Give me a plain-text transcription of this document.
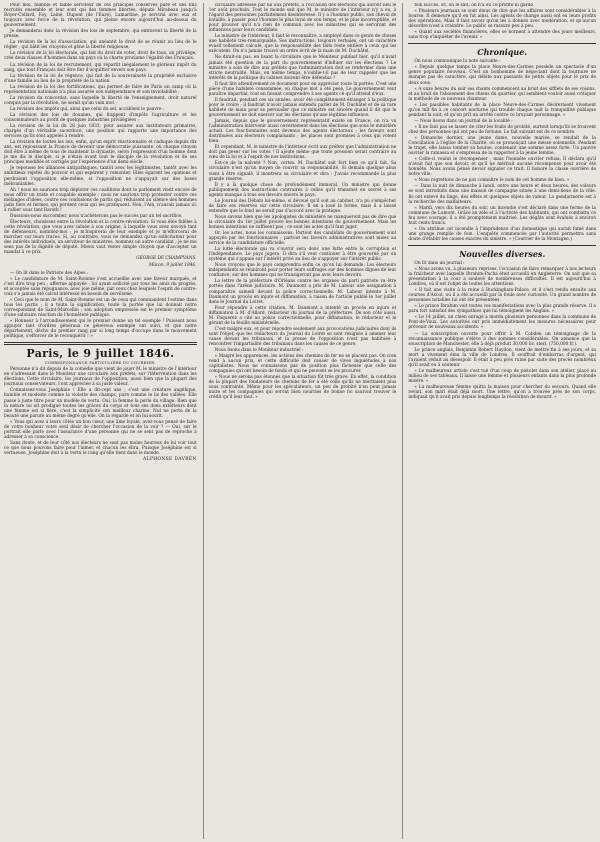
Pour moi, humble et faible serviteur de ces principes conservés pure et des fins recrutés ensemble et leur sont qui des femmes libertés, député Mirabeau jusqu'à Royer-Collard, Foy, Lainé, Dupont (de l'Eure), Lamartine, je servirai avec eux et toujours avec force de la révolution, qui pleine encore aujourd'hui au-dessus du gouvernement.

Je demanderai donc la révision des lois de septembre, qui entravent la liberté de la presse.

La révision de la loi d'association, qui anéantit le droit de se réunir au lieu de le régler ; qui bâtit les citoyens et gêne la liberté religieuse.

La révision de la loi électorale, qui fait du droit de voter, droit de tous, un privilège, créé deux classes d'hommes dans un pays où la charte proclame l'égalité des Français.

La révision de la loi de recrutement, qui répartit inégalement le glorieux impôt du sang, que tout Français doit être fier d'acquitter envers son pays.

La révision de la loi de régence, qui fait de la souveraineté la propriété exclusive d'une famille au lieu de la propriété de la nation.

La révision de la loi des fortifications, qui permet de faire de Paris un camp où la représentation nationale n'a plus assurée son indépendance et son inviolabilité ;

La révision du concordat, sans laquelle la liberté de l'enseignement, droit naturel conquis par la révolution, ne serait qu'un vain mot ;

La révision des impôts qui, ainsi que celui du sel, accablent le pauvre ;

La révision des lois de douanes, qui frappent d'impôts l'agriculture et les consommateurs au profit de quelques industries privilégiées ;

La révision de la loi du 28 juin 1833, pour assurer aux instituteurs primaires, chargés d'un véritable sacerdoce, une position qui rapporte une importance des services qu'ils sont appelés à rendre.

La révision de toutes les lois, enfin, qu'un esprit réactionnaire et caduque depuis dix ans, est repoussant la France de devenir une démocratie puissante, où chaque citoyen doit être à même de tous de maintenir la dynastie, selon l'expression d'un homme dont je me dis le disciple, si je n'étais avant tout le disciple de la révolution et de ses principes modifiés et corrigés par l'expérience d'un demi-siècle.

Je repousse les alliances antipathiques, tantôt avec les légitimistes, tantôt avec les ambitieux rejetés du pouvoir et qui espèrent y remonter. Elles égarent les opinions et perdraient l'opposition elle-même, si l'opposition ne s'appuyait sur des bases inébranlables.

Ah ! nous ne saurions trop déplorer ces coalitions dont le parlement vient encore de nous offrir un triste et coupable exemple ; nous ne saurions trop protester contre ces mélanges d'idées, contre ces confusions de partis qui, réduisent au silence des hommes jadis fiers et fermes, qui perdent ceux qui les pratiquent. Non, l'Ain, n'aurait jamais ici à rallier sous tant Baroth !

Dussions-nous succomber, nous n'achèterons pas le succès par un tel sacrifice.

Électeurs, choisissez entre la révolution et la contre-révolution. Si vous êtes fidèles à cette révolution, que vous avez saluée à son origine, à laquelle vous avez envoyé tant de défenseurs, nommez-moi ; je m'inspirerai de leur exemple et je m'efforcerai de marcher sur leurs traces. Si, au contraire, vous ne demandez qu'un sollicitateur pour des intérêts individuels, un serviteur de ministres, nommez un autre candidat ; je ne me sens pas de la dignité de député. Mieux vaut rester simple citoyen que d'accepter un mandat à ce prix.

GEORGE DE CHAMPVANS.
Mâcon, 9 juillet 1846.

— On lit dans le Patriote des Alpes :

« Le candidature de M. Saint-Romme s'est accueillie avec une faveur marquée, et c'est dire trop peu ; afferme appuyée ; lui ayant sollicité par tous les amis du progrès, et acceptée sans répugnance, avec joie même, par ceux chez lesquels l'esprit de contre-voix s'a jamais été calcul intéressé en besoin de servilisme.

« Ceci que le nom de M. Saint-Romme est un de ceux qui commandent l'estime dans tous les partis ; il a toute la signification, toute la portée que lui donnait notre correspondant de Saint-Marcellin ; son adoption empressée est le premier symptôme d'une salutaire réaction de l'honnêteté publique.

« Honneur à l'arrondissement qui le premier donne un tel exemple ! Puissent nous appuyer tant d'ordres généraux ce généreux exemple ont suivi, et que notre département, déchu du premier rang par si long temps d'occupe dans le mouvement politique, s'efforcer de le reconquérir ! »

Paris, le 9 juillet 1846.
CORRESPONDANCE PARTICULIÈRE DU COURRIER.

Personne n'a dit depuis de la comédie que vient de jouer M. le ministre de l'intérieur en s'adressant dans le Moniteur une circulaire aux préfets, sur l'intervention dans les élections. Cette circulaire, les journaux de l'opposition, aussi bien que la plupart des journaux conservateurs, l'ont appréciée à sa juste valeur.

Connaissez-vous Joséphine ! Elle a dit-cept ans ; c'est une créature angélique, humble et modeste comme la violette des champs, pure comme le lis des vallées. Elle passe à juste titre pour un modèle de vertu. Oui, la femme la perle du village. Bien que la nature lui ait prodigué toutes les grâces du corps et tous ses dons extérieurs dont une femme est si fière, c'est la simplicité son meilleur charme. Nul ne porte de la beauté une parure au même degré qu'elle. On la regarde et on lui sourit.

« Vous qui avez à leurs côtés un bon cœur, une âme loyale, avez-vous pensé de faire de votre bonheur votre seul désir de chercher l'occasion de la voir ? — Oui, sur le portrait elle parle avec l'assurance d'une personne qui ne se sent pas de reproche à adresser à sa conscience.

Sans doute, et de leur côté nos électeurs ne sont pas moins heureux de lui voir tout ce que nous pouvons faire pour l'aimer, et chacun les élira. Puisque Joséphine est si vertueuse, Joséphine doit à la vertu le rang qu'elle tient dans le monde.

ALPHONSE DAVRÉN

circulaire adressée par lui aux préfets, à l'occasion des élections qui auront lieu le 1er août prochain. Tout le monde sait que M. le ministre de l'intérieur n'y a eu, à l'égard des personnes parfaitement desinteressé. Il y a l'homme public, son cheval de bataille, à passer pour l'homme le plus loyal de son temps, et le plus incorruptible, et pour prouver qu'il n'a rien de commun avec les ministres qui se serviront des influences pour leurs candidats.

Le ministre de l'intérieur, il faut le reconnaître, a employé dans ce genre de choses une habileté très-remarquable. Ses instructions, toujours verbales, ont un caractère évasif tellement calculé, que la responsabilité des faits reste entière à ceux qui les exécutent. On n'a jamais trouvé un ordre écrit de la main de M. Duchâtel.

Ne dirait-on pas, en lisant la circulaire que le Moniteur publiait hier, qu'il n'avait jamais été question de la part du gouvernement d'influer sur les élections ? Le ministre a soin de dire aux préfets que l'administration doit se renfermer dans une stricte neutralité. Mais, en même temps, n'oublie-t-il pas de leur rappeler que les intérêts de la politique du cabinet doivent être défendus ?

Il faut lire attentivement ce document pour en apprécier toute la portée. C'est une pièce d'une habileté consommée, où chaque mot a été pesé. Le gouvernement veut paraître impartial, tout en faisant comprendre à ses agents ce qu'il attend d'eux.

Il faudrait, pendant ces six années, avoir été complètement étranger à la politique pour le croire ; il faudrait n'avoir jamais entendu parler de M. Duchâtel et de sa rare habileté de main pour se persuader que ce ministre est sincère quand il dit que le gouvernement ne doit exercer sur les élections qu'une légitime influence.

Jamais, depuis que le gouvernement représentatif existe en France, on n'a vu l'administration intervenir aussi ouvertement dans les élections que sous le ministère actuel. Les fonctionnaires sont devenus des agents électoraux ; les faveurs sont distribuées aux électeurs complaisants ; les places sont promises à ceux qui votent bien.

Et cependant, M. le ministre de l'intérieur écrit aux préfets que l'administration ne doit pas peser sur les votes ! Il ajoute même que toute pression serait contraire au vœu de la loi et à l'esprit de nos institutions.

Est-ce de la naïveté ? Non, certes. M. Duchâtel sait fort bien ce qu'il fait. Sa circulaire n'est qu'un moyen de couvrir sa responsabilité. Si demain quelque abus vient à être signalé, il montrera sa circulaire et dira : J'avais recommandé la plus grande réserve.

Il y a là quelque chose de profondément immoral. Un ministre qui donne publiquement des instructions contraires à celles qu'il transmet en secret à ses agents manque à tous ses devoirs envers le pays.

Le Journal des Débats lui-même, si dévoué qu'il soit au cabinet, n'a pu s'empêcher de faire ses réserves sur cette circulaire. Il en a loué la forme, mais il a laissé entendre que le fond ne serait pas d'accord avec la pratique.

Nous savons bien que les apologistes du ministère ne manqueront pas de dire que la circulaire du 1er juillet prouve les bonnes intentions du gouvernement. Mais les bonnes intentions ne suffisent pas ; ce sont les actes qu'il faut juger.

Or, les actes, nous les connaissons. Partout des candidats du gouvernement sont appuyés par les fonctionnaires ; partout les faveurs administratives sont mises au service de la candidature officielle.

La lutte électorale qui va s'ouvrir sera donc une lutte entre la corruption et l'indépendance. Le pays jugera. Il dira s'il veut continuer à être gouverné par un système qui s'appuie sur l'intérêt privé au lieu de s'appuyer sur l'intérêt public.

Nous croyons que le pays comprendra enfin ce qu'on lui demande. Les électeurs indépendants se réuniront pour porter leurs suffrages sur des hommes dignes de leur confiance, sur des hommes qui ne transigeront pas avec leurs devoirs.

La lettre de la préfecture d'Orléans contre les organes du parti patriote va être portée dans l'arène judiciaire. M. Daumont a pris de M. Labour une assignation à comparaître samedi devant la police correctionnelle. M. Labour intente à M. Daumont un procès en injure et diffamation, à raison de l'article publié le 1er juillet dans le Journal du Loiret.

Pour répondre à cette citation, M. Daumont a intenté un procès en injure et diffamation à M. d'Allard, rédacteur du journal de la préfecture. De son côté aussi, M. Paquerez a cité au police correctionnelle, pour diffamation, le rédacteur et le gérant de la feuille ministérielle.

C'est malgré eux, et pour répondre seulement aux provocations judiciaires dont ils sont l'objet, que les rédacteurs du Journal du Loiret se sont résignés à amener leur cause devant les tribunaux, et la presse de l'opposition n'est pas habituée à rencontrer l'impartialité des tribunaux dans les causes de ce genre.

Nous lisons dans le Moniteur industriel :

« Malgré les apparences, les actions des chemins de fer ne se placent pas. On n'en vend à aucun prix, et cette difficulté doit causer de vives inquiétudes à nos capitalistes. Nous ne connaissons pas de position plus fâcheuse que celle des compagnies qui ont besoin de fonds et qui ne peuvent se les procurer.

« Nous ne serons pas étonnés que la situation fût très grave. En effet, la condition de la plupart des fondateurs de chemins de fer a été celle qu'ils ne méritaient plus sous contrainte. Même pour les spéculateurs, un peu de probité n'en peut jamais nuire et les compagnies qui seront bien nourries de bonne foi sauront trouver le crédit qu'il leur faut. »

bon succès. Et, on le sait, on n'a eu ce profité ni gardé.

« Plusieurs journaux se sont émus de dire que les affaires sont considérables à la bourse. Il demeure qu'il en fut ainsi. Les agents de change aussi ont eu leurs profits des opérations. Mais il faut savoir qu'on les a donnés avec modération, et qu'aucun désordre n'est à craindre. Le public se rassure peu à peu.

« Quant aux sociétés financières, elles se bornent à attendre des jours meilleurs, sans trop s'inquiéter de l'avenir. »

Chronique.

On nous communique la note suivante :

« Depuis quelque temps la place Neuve-des-Carmes possède un spectacle d'un genre populaire nouveau. C'est un bonhomme de négociant dont la tournure ne manque pas de caractère, qui débite aux passants de petits objets pour le prix de deux sous.

« A onze heures du soir ses chants commencent au bruit des sifflets de ses voisins, et au bruit de l'aboiement des chiens du quartier, qui semblent vouloir aussi critiquer la méthode de ce nouveau chanteur.

« Les paisibles habitants de la place Neuve-des-Carmes désireraient vivement qu'on mît fin à ce concert nocturne qui trouble chaque nuit la tranquillité publique pendant la nuit, et qu'on prît un arrêté contre ce bruyant personnage. »

— Nous lisons dans un journal de la localité :

« Il ne faut pas se lasser de citer les traits de probité, surtout lorsqu'ils se trouvent chez des personnes qui ont peu de fortune. Le fait suivant est de ce nombre.

« Dimanche dernier, une jeune dame, nouvelle mariée, se rendait de la Conciliation à l'église de la Charité, où se prononçait une messe solennelle. Pendant le trajet, elle laissa tomber sa bourse, contenant une somme assez forte. Un pauvre ouvrier la ramassa et s'empressa de la rapporter à la jeune femme.

« Celle-ci voulut le récompenser ; mais l'honnête ouvrier refusa. Il déclara qu'il n'avait fait que son devoir, et qu'il ne méritait aucune récompense pour avoir été honnête. Nous avons pensé devoir signaler ce trait. Il honore la classe ouvrière de notre ville.

« Nous regrettons de ne pas connaître le nom de cet homme de bien. »

— Dans la nuit de dimanche à lundi, entre une heure et deux heures, des voleurs se sont introduits dans une maison de campagne située à une demi-lieue de la ville. Ils ont enlevé du linge, des effets et quelques objets de valeur. La gendarmerie est à la recherche des malfaiteurs.

« Mardi, vers dix heures du soir, un incendie s'est déclaré dans une ferme de la commune de Lumont. Grâce au zèle et à l'activité des habitants, qui ont combattu ce feu avec courage, il a été promptement maîtrisé. Les dégâts sont évalués à environ huit cents francs.

« On attribue cet incendie à l'imprudence d'un domestique qui aurait fumé dans une grange remplie de foin. L'enquête commencée par l'autorité permettra sans doute d'établir les causes exactes du sinistre. » (Courrier de la Montagne.)

Nouvelles diverses.

On lit dans un journal :

« Nous avons vu, à plusieurs reprises, l'occasion de faire remarquer à nos lecteurs la fraîcheur avec laquelle Ibrahim-Pacha était accueilli en Angleterre. On sait que sa présentation à la cour a soulevé de nombreuses difficultés. Il est aujourd'hui à Londres, où il est l'objet de toutes les attentions.

« Il fait une visite à la reine à Buckingham-Palace, et il s'est rendu ensuite aux courses d'Ascot, où il a été accueilli par la foule avec curiosité. Un grand nombre de personnes notables lui ont été présentées.

« Le prince Ibrahim voit toutes ces manifestations avec la plus grande réserve. Il a paru fort satisfait des sympathies que lui témoignent les Anglais. »

« Le 14 juillet, un chien enragé a mordu plusieurs personnes dans la commune de Pont-de-Vaux. Les autorités ont pris immédiatement les mesures nécessaires pour prévenir de nouveaux accidents. »

— La souscription ouverte pour offrir à M. Cobden un témoignage de la reconnaissance publique s'élève à des sommes considérables. On annonce que la souscription de Manchester, elle à déjà produit 30,000 liv. sterl. (750,000 fr.).

Le prince anglais, Benjamin Robert Haydon, vient de mettre fin à ses jours, et sa mort a vivement ému la ville de Londres. Il souffrait d'embarras d'argent, qui l'avaient réduit au désespoir. Il était à peu près ruiné par suite des procès nombreux qu'il avait eu à soutenir.

« Le malheureux artiste s'est tué d'un coup de pistolet dans son atelier, placé au milieu de ses tableaux. Il laisse une femme et plusieurs enfants dans la plus profonde misère. »

« La malheureuse femme quitta la maison pour chercher du secours. Quand elle revint, son mari était déjà mort. Une lettre, qu'on a trouvée près de son corps, indiquait qu'il avait pris depuis longtemps la résolution de mourir. »
